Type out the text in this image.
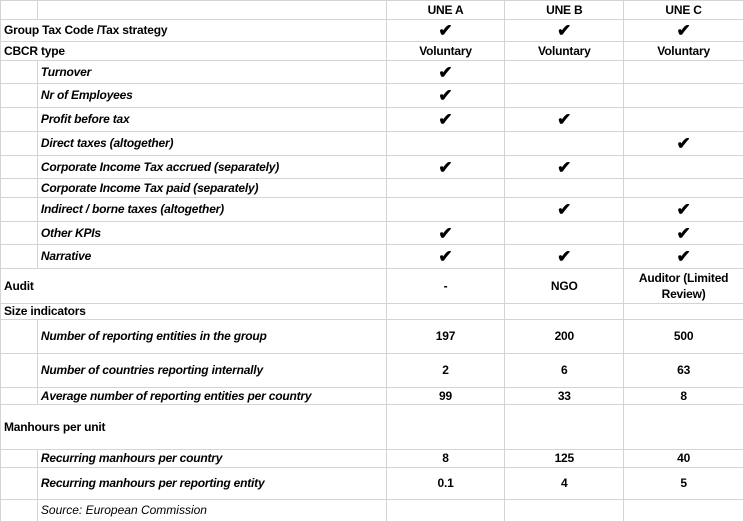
		UNE A	UNE B	UNE C
Group Tax Code /Tax strategy		✔	✔	✔
CBCR type		Voluntary	Voluntary	Voluntary
	Turnover	✔		
	Nr of Employees	✔		
	Profit before tax	✔	✔	
	Direct taxes (altogether)			✔
	Corporate Income Tax accrued (separately)	✔	✔	
	Corporate Income Tax paid (separately)			
	Indirect / borne taxes (altogether)		✔	✔
	Other KPIs	✔		✔
	Narrative	✔	✔	✔
Audit		-	NGO	Auditor (Limited Review)
Size indicators				
	Number of reporting entities in the group	197	200	500
	Number of countries reporting internally	2	6	63
	Average number of reporting entities per country	99	33	8
Manhours per unit				
	Recurring manhours per country	8	125	40
	Recurring manhours per reporting entity	0.1	4	5
	Source: European Commission			
